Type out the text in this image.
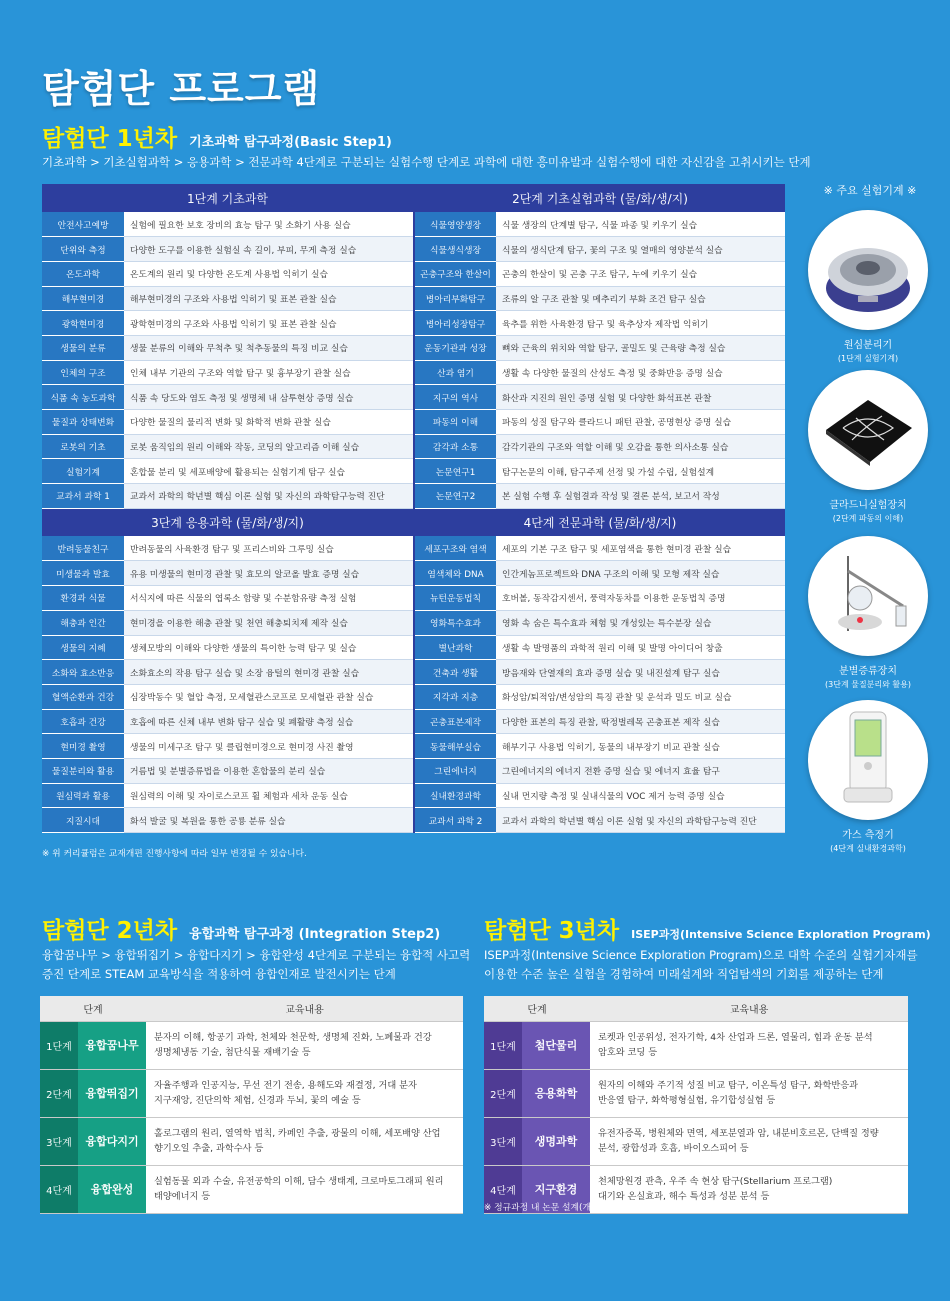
탐험단 프로그램
탐험단 1년차 기초과학 탐구과정(Basic Step1)
기초과학 > 기초실험과학 > 응용과학 > 전문과학 4단계로 구분되는 실험수행 단계로 과학에 대한 흥미유발과 실험수행에 대한 자신감을 고취시키는 단계
1단계 기초과학		2단계 기초실험과학 (물/화/생/지)	
안전사고예방	실험에 필요한 보호 장비의 효능 탐구 및 소화기 사용 실습	식물영양생장	식물 생장의 단계별 탐구, 식물 파종 및 키우기 실습
단위와 측정	다양한 도구를 이용한 실험실 속 길이, 부피, 무게 측정 실습	식물생식생장	식물의 생식단계 탐구, 꽃의 구조 및 열매의 영양분석 실습
온도과학	온도계의 원리 및 다양한 온도계 사용법 익히기 실습	곤충구조와 한살이	곤충의 한살이 및 곤충 구조 탐구, 누에 키우기 실습
해부현미경	해부현미경의 구조와 사용법 익히기 및 표본 관찰 실습	병아리부화탐구	조류의 알 구조 관찰 및 메추리기 부화 조건 탐구 실습
광학현미경	광학현미경의 구조와 사용법 익히기 및 표본 관찰 실습	병아리성장탐구	육추를 위한 사육환경 탐구 및 육추상자 제작법 익히기
생물의 분류	생물 분류의 이해와 무척추 및 척추동물의 특징 비교 실습	운동기관과 성장	뼈와 근육의 위치와 역할 탐구, 골밀도 및 근육량 측정 실습
인체의 구조	인체 내부 기관의 구조와 역할 탐구 및 흉부장기 관찰 실습	산과 염기	생활 속 다양한 물질의 산성도 측정 및 중화반응 증명 실습
식품 속 농도과학	식품 속 당도와 염도 측정 및 생명체 내 삼투현상 증명 실습	지구의 역사	화산과 지진의 원인 증명 실험 및 다양한 화석표본 관찰
물질과 상태변화	다양한 물질의 물리적 변화 및 화학적 변화 관찰 실습	파동의 이해	파동의 성질 탐구와 클라드니 패턴 관찰, 공명현상 증명 실습
로봇의 기초	로봇 움직임의 원리 이해와 작동, 코딩의 알고리즘 이해 실습	감각과 소통	감각기관의 구조와 역할 이해 및 오감을 통한 의사소통 실습
실험기계	혼합물 분리 및 세포배양에 활용되는 실험기계 탐구 실습	논문연구1	탐구논문의 이해, 탐구주제 선정 및 가설 수립, 실험설계
교과서 과학 1	교과서 과학의 학년별 핵심 이론 실험 및 자신의 과학탐구능력 진단	논문연구2	본 실험 수행 후 실험결과 작성 및 결론 분석, 보고서 작성
3단계 응용과학 (물/화/생/지)		4단계 전문과학 (물/화/생/지)	
반려동물친구	반려동물의 사육환경 탐구 및 프리스비와 그루밍 실습	세포구조와 염색	세포의 기본 구조 탐구 및 세포염색을 통한 현미경 관찰 실습
미생물과 발효	유용 미생물의 현미경 관찰 및 효모의 알코올 발효 증명 실습	염색체와 DNA	인간게놈프로젝트와 DNA 구조의 이해 및 모형 제작 실습
환경과 식물	서식지에 따른 식물의 엽록소 함량 및 수분함유량 측정 실험	뉴턴운동법칙	호버볼, 동작감지센서, 풍력자동차를 이용한 운동법칙 증명
해충과 인간	현미경을 이용한 해충 관찰 및 천연 해충퇴치제 제작 실습	영화특수효과	영화 속 숨은 특수효과 체험 및 개성있는 특수분장 실습
생물의 지혜	생체모방의 이해와 다양한 생물의 특이한 능력 탐구 및 실습	별난과학	생활 속 발명품의 과학적 원리 이해 및 발명 아이디어 창출
소화와 효소반응	소화효소의 작용 탐구 실습 및 소장 융털의 현미경 관찰 실습	건축과 생활	방음재와 단열재의 효과 증명 실습 및 내진설계 탐구 실습
혈액순환과 건강	심장박동수 및 혈압 측정, 모세혈관스코프로 모세혈관 관찰 실습	지각과 지층	화성암/퇴적암/변성암의 특징 관찰 및 운석과 밀도 비교 실습
호흡과 건강	호흡에 따른 신체 내부 변화 탐구 실습 및 폐활량 측정 실습	곤충표본제작	다양한 표본의 특징 관찰, 딱정벌레목 곤충표본 제작 실습
현미경 촬영	생물의 미세구조 탐구 및 클립현미경으로 현미경 사진 촬영	동물해부실습	해부기구 사용법 익히기, 동물의 내부장기 비교 관찰 실습
물질분리와 활용	거름법 및 분별증류법을 이용한 혼합물의 분리 실습	그린에너지	그린에너지의 에너지 전환 증명 실습 및 에너지 효율 탐구
원심력과 활용	원심력의 이해 및 자이로스코프 휠 체험과 세차 운동 실습	실내환경과학	실내 먼지량 측정 및 실내식물의 VOC 제거 능력 증명 실습
지질시대	화석 발굴 및 복원을 통한 공룡 분류 실습	교과서 과학 2	교과서 과학의 학년별 핵심 이론 실험 및 자신의 과학탐구능력 진단
※ 위 커리큘럼은 교재개편 진행사항에 따라 일부 변경될 수 있습니다.
※ 주요 실험기계 ※
원심분리기
(1단계 실험기계)
클라드니실험장치
(2단계 파동의 이해)
분별증류장치
(3단계 물질분리와 활용)
가스 측정기
(4단계 실내환경과학)
탐험단 2년차 융합과학 탐구과정 (Integration Step2)
융합꿈나무 > 융합뛰집기 > 융합다지기 > 융합완성 4단계로 구분되는 융합적 사고력
증진 단계로 STEAM 교육방식을 적용하여 융합인재로 발전시키는 단계
단계		교육내용
1단계	융합꿈나무	분자의 이해, 항공기 과학, 천체와 천문학, 생명체 진화, 노폐물과 건강
생명체냉동 기술, 첨단식물 재배기술 등

2단계	융합뛰집기	자율주행과 인공지능, 무선 전기 전송, 용해도와 재결정, 거대 분자
지구재앙, 진단의학 체험, 신경과 두뇌, 꽃의 예술 등

3단계	융합다지기	홀로그램의 원리, 열역학 법칙, 카페인 추출, 광물의 이해, 세포배양 산업
향기오일 추출, 과학수사 등

4단계	융합완성	실험동물 외과 수술, 유전공학의 이해, 담수 생태계, 크로마토그래피 원리
태양에너지 등
탐험단 3년차 ISEP과정(Intensive Science Exploration Program)
ISEP과정(Intensive Science Exploration Program)으로 대학 수준의 실험기자재를
이용한 수준 높은 실험을 경험하여 미래설계와 직업탐색의 기회를 제공하는 단계
단계		교육내용
1단계	첨단물리	로켓과 인공위성, 전자기학, 4차 산업과 드론, 열물리, 힘과 운동 분석
암호와 코딩 등

2단계	응용화학	원자의 이해와 주기적 성질 비교 탐구, 이온특성 탐구, 화학반응과
반응열 탐구, 화학평형실험, 유기합성실험 등

3단계	생명과학	유전자증폭, 병원체와 면역, 세포분열과 암, 내분비호르몬, 단백질 정량
분석, 광합성과 호흡, 바이오스피어 등

4단계	지구환경	천체망원경 관측, 우주 속 현상 탐구(Stellarium 프로그램)
대기와 온실효과, 해수 특성과 성분 분석 등
※ 정규과정 내 논문 설계(개인 실험설계 능력 강화), 과학논술(과학적 논리력 향상), 교과 이론학습 포함
